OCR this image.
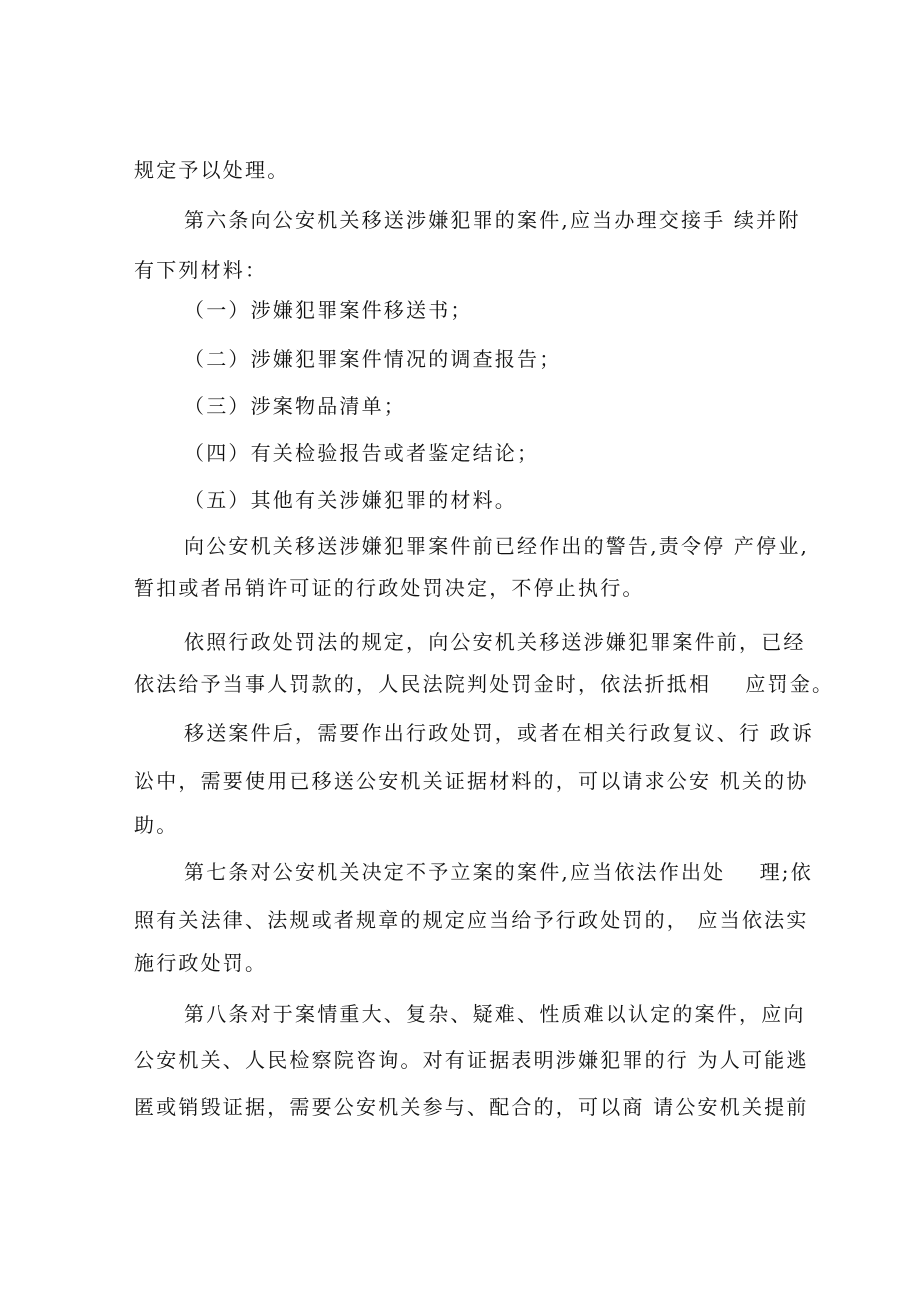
规定予以处理。
第六条向公安机关移送涉嫌犯罪的案件,应当办理交接手 续并附
有下列材料：
（一）涉嫌犯罪案件移送书；
（二）涉嫌犯罪案件情况的调查报告；
（三）涉案物品清单；
（四）有关检验报告或者鉴定结论；
（五）其他有关涉嫌犯罪的材料。
向公安机关移送涉嫌犯罪案件前已经作出的警告,责令停 产停业,
暂扣或者吊销许可证的行政处罚决定，不停止执行。
依照行政处罚法的规定，向公安机关移送涉嫌犯罪案件前，已经
依法给予当事人罚款的，人民法院判处罚金时，依法折抵相    应罚金。
移送案件后，需要作出行政处罚，或者在相关行政复议、行 政诉
讼中，需要使用已移送公安机关证据材料的，可以请求公安 机关的协
助。
第七条对公安机关决定不予立案的案件,应当依法作出处    理;依
照有关法律、法规或者规章的规定应当给予行政处罚的， 应当依法实
施行政处罚。
第八条对于案情重大、复杂、疑难、性质难以认定的案件，应向
公安机关、人民检察院咨询。对有证据表明涉嫌犯罪的行 为人可能逃
匿或销毁证据，需要公安机关参与、配合的，可以商 请公安机关提前
